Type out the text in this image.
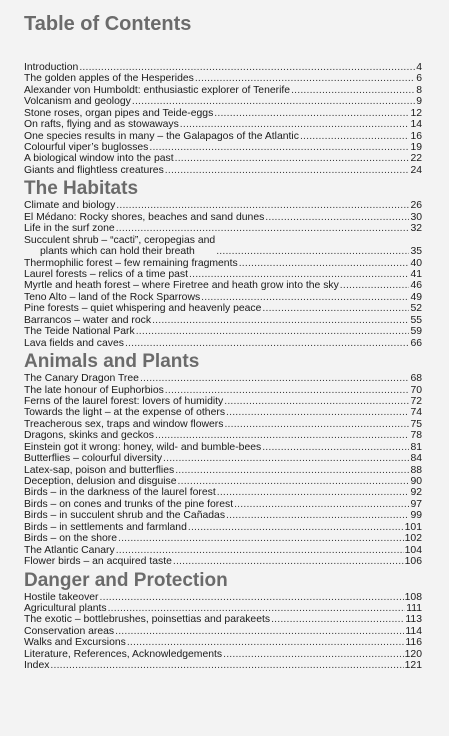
Table of Contents
Introduction .....	4
The golden apples of the Hesperides .....	6
Alexander von Humboldt: enthusiastic explorer of Tenerife .....	8
Volcanism and geology .....	9
Stone roses, organ pipes and Teide-eggs .....	12
On rafts, flying and as stowaways .....	14
One species results in many – the Galapagos of the Atlantic .....	16
Colourful viper’s buglosses .....	19
A biological window into the past .....	22
Giants and flightless creatures .....	24
The Habitats
Climate and biology .....	26
El Médano: Rocky shores, beaches and sand dunes .....	30
Life in the surf zone .....	32
Succulent shrub – “cacti”, ceropegias and
plants which can hold their breath .....	35
Thermophilic forest – few remaining fragments .....	40
Laurel forests – relics of a time past .....	41
Myrtle and heath forest – where Firetree and heath grow into the sky .....	46
Teno Alto – land of the Rock Sparrows .....	49
Pine forests – quiet whispering and heavenly peace .....	52
Barrancos – water and rock .....	55
The Teide National Park .....	59
Lava fields and caves .....	66
Animals and Plants
The Canary Dragon Tree .....	68
The late honour of Euphorbios .....	70
Ferns of the laurel forest: lovers of humidity .....	72
Towards the light – at the expense of others .....	74
Treacherous sex, traps and window flowers .....	75
Dragons, skinks and geckos .....	78
Einstein got it wrong: honey, wild- and bumble-bees .....	81
Butterflies – colourful diversity .....	84
Latex-sap, poison and butterflies .....	88
Deception, delusion and disguise .....	90
Birds – in the darkness of the laurel forest .....	92
Birds – on cones and trunks of the pine forest .....	97
Birds – in succulent shrub and the Cañadas .....	99
Birds – in settlements and farmland .....	101
Birds – on the shore .....	102
The Atlantic Canary .....	104
Flower birds – an acquired taste .....	106
Danger and Protection
Hostile takeover .....	108
Agricultural plants .....	111
The exotic – bottlebrushes, poinsettias and parakeets .....	113
Conservation areas .....	114
Walks and Excursions .....	116
Literature, References, Acknowledgements .....	120
Index .....	121
